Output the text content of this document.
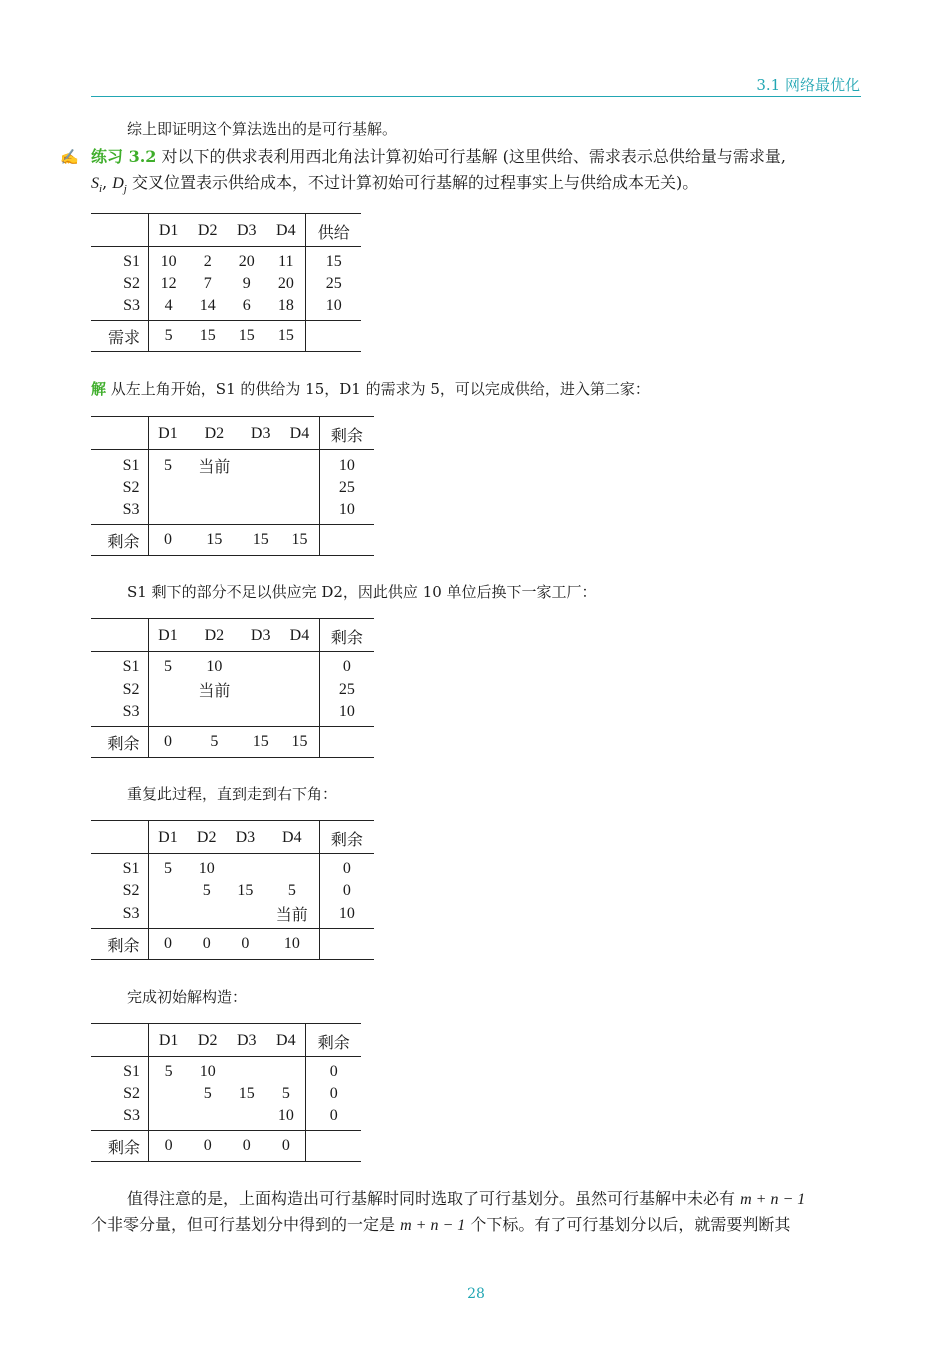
3.1 网络最优化
综上即证明这个算法选出的是可行基解。
✍ 练习 3.2 对以下的供求表利用西北角法计算初始可行基解 (这里供给、需求表示总供给量与需求量,
$S_i$, $D_j$ 交叉位置表示供给成本，不过计算初始可行基解的过程事实上与供给成本无关)。
	D1	D2	D3	D4	供给
S1	10	2	20	11	15
S2	12	7	9	20	25
S3	4	14	6	18	10
需求	5	15	15	15	
解 从左上角开始，S1 的供给为 15，D1 的需求为 5，可以完成供给，进入第二家：
	D1	D2	D3	D4	剩余
S1	5	当前			10
S2					25
S3					10
剩余	0	15	15	15	
S1 剩下的部分不足以供应完 D2，因此供应 10 单位后换下一家工厂：
	D1	D2	D3	D4	剩余
S1	5	10			0
S2		当前			25
S3					10
剩余	0	5	15	15	
重复此过程，直到走到右下角：
	D1	D2	D3	D4	剩余
S1	5	10			0
S2		5	15	5	0
S3				当前	10
剩余	0	0	0	10	
完成初始解构造：
	D1	D2	D3	D4	剩余
S1	5	10			0
S2		5	15	5	0
S3				10	0
剩余	0	0	0	0	
值得注意的是，上面构造出可行基解时同时选取了可行基划分。虽然可行基解中未必有 m + n − 1
个非零分量，但可行基划分中得到的一定是 m + n − 1 个下标。有了可行基划分以后，就需要判断其
28
